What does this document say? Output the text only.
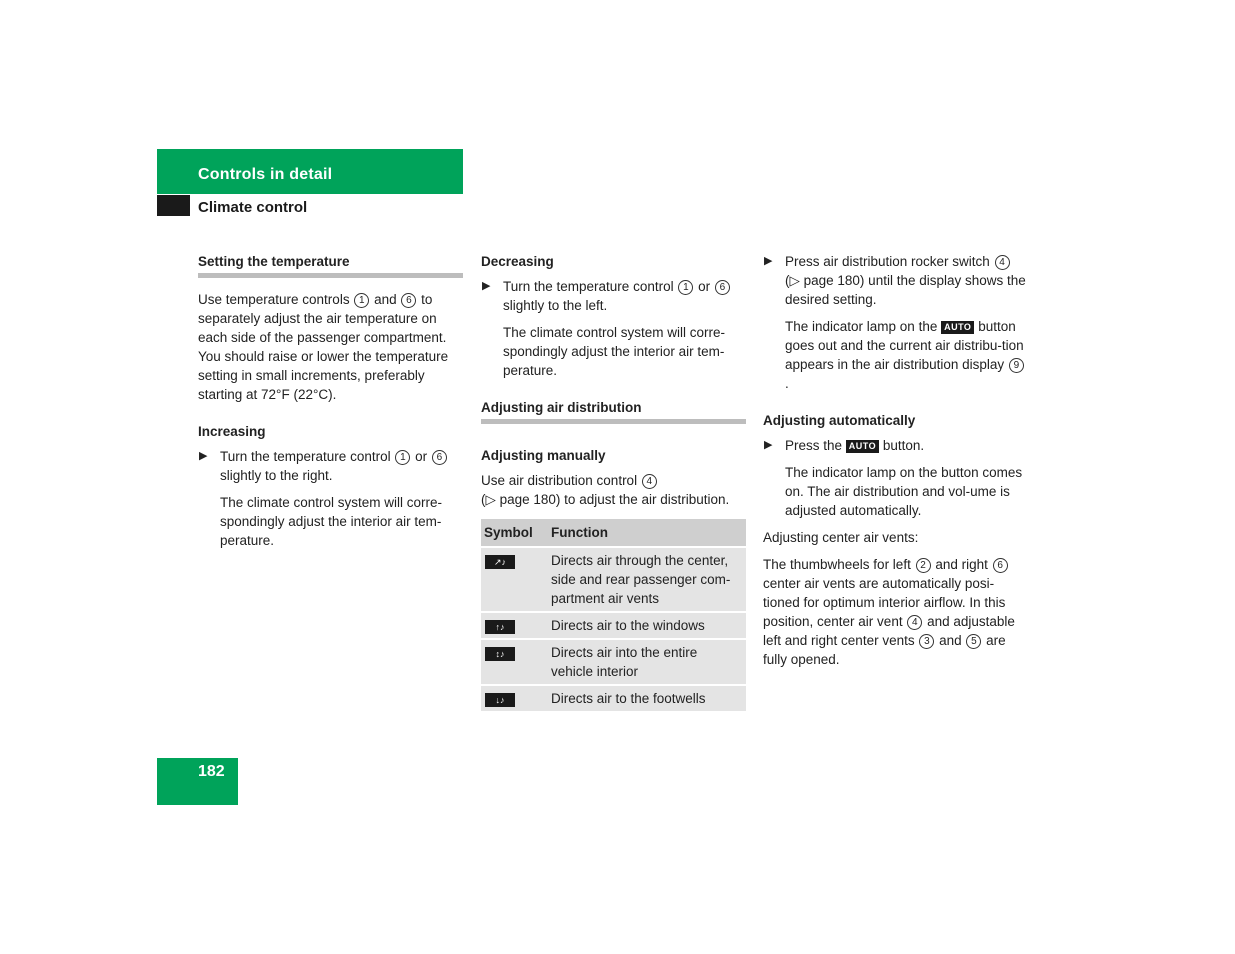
Controls in detail
Climate control
Setting the temperature

Use temperature controls 1 and 6 to separately adjust the air temperature on each side of the passenger compartment. You should raise or lower the temperature setting in small increments, preferably starting at 72°F (22°C).

Increasing
▶ Turn the temperature control 1 or 6 slightly to the right.
The climate control system will corre-spondingly adjust the interior air tem-perature.
Decreasing
▶ Turn the temperature control 1 or 6 slightly to the left.
The climate control system will corre-spondingly adjust the interior air tem-perature.
Adjusting air distribution
Adjusting manually

Use air distribution control 4
(▷ page 180) to adjust the air distribution.

Symbol	Function
↗♪	Directs air through the center, side and rear passenger com-partment air vents
↑♪	Directs air to the windows
↕♪	Directs air into the entire vehicle interior
↓♪	Directs air to the footwells
▶ Press air distribution rocker switch 4
(▷ page 180) until the display shows the desired setting.
The indicator lamp on the AUTO button goes out and the current air distribu-tion appears in the air distribution display 9.
Adjusting automatically
▶ Press the AUTO button.
The indicator lamp on the button comes on. The air distribution and vol-ume is adjusted automatically.

Adjusting center air vents:

The thumbwheels for left 2 and right 6 center air vents are automatically posi-tioned for optimum interior airflow. In this position, center air vent 4 and adjustable left and right center vents 3 and 5 are fully opened.

182
